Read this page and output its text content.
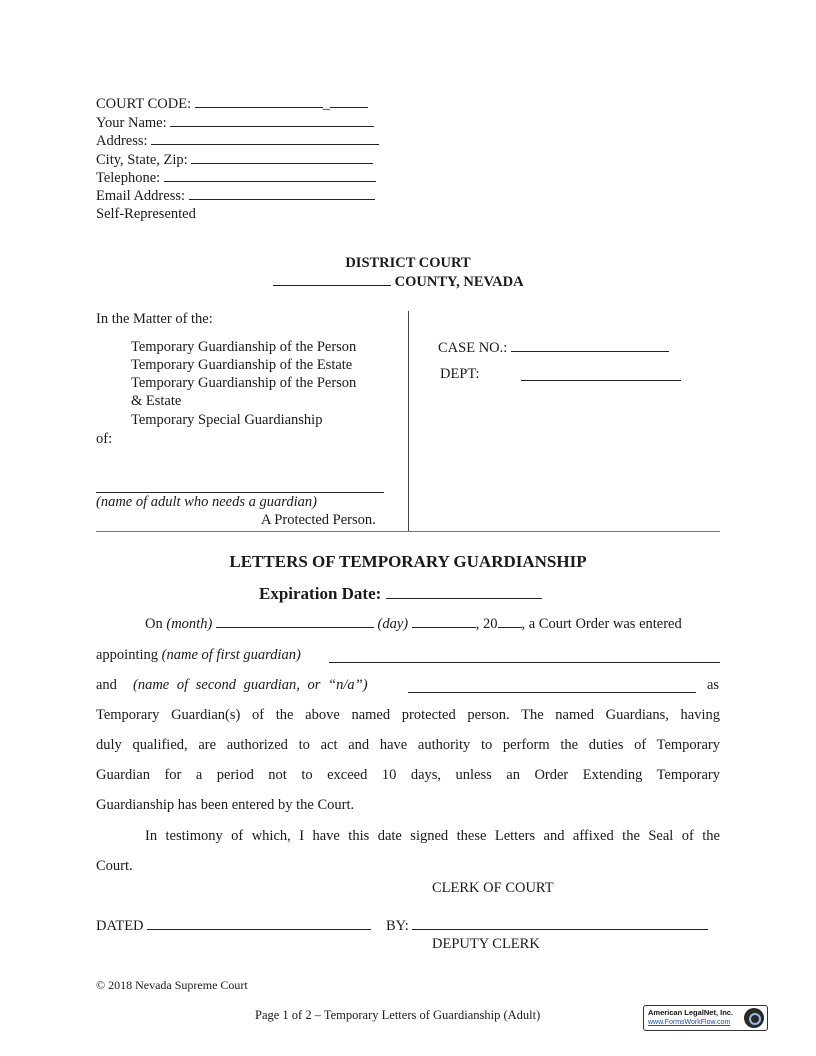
COURT CODE:	_
Your Name:
Address:
City, State, Zip:
Telephone:
Email Address:
Self-Represented
DISTRICT COURT
COUNTY, NEVADA
In the Matter of the:
Temporary Guardianship of the Person
Temporary Guardianship of the Estate
Temporary Guardianship of the Person
& Estate
Temporary Special Guardianship
of:
(name of adult who needs a guardian)
A Protected Person.
CASE NO.:
DEPT:
LETTERS OF TEMPORARY GUARDIANSHIP
Expiration Date:
On (month)	(day)	, 20 , a Court Order was entered
appointing (name of first guardian)
and (name of second guardian, or “n/a”)	as
Temporary Guardian(s) of the above named protected person. The named Guardians, having
duly qualified, are authorized to act and have authority to perform the duties of Temporary
Guardian for a period not to exceed 10 days, unless an Order Extending Temporary
Guardianship has been entered by the Court.
In testimony of which, I have this date signed these Letters and affixed the Seal of the
Court.
CLERK OF COURT
DATED	BY:
DEPUTY CLERK
© 2018 Nevada Supreme Court
Page 1 of 2 – Temporary Letters of Guardianship (Adult)	American LegalNet, Inc.
www.FormsWorkFlow.com
